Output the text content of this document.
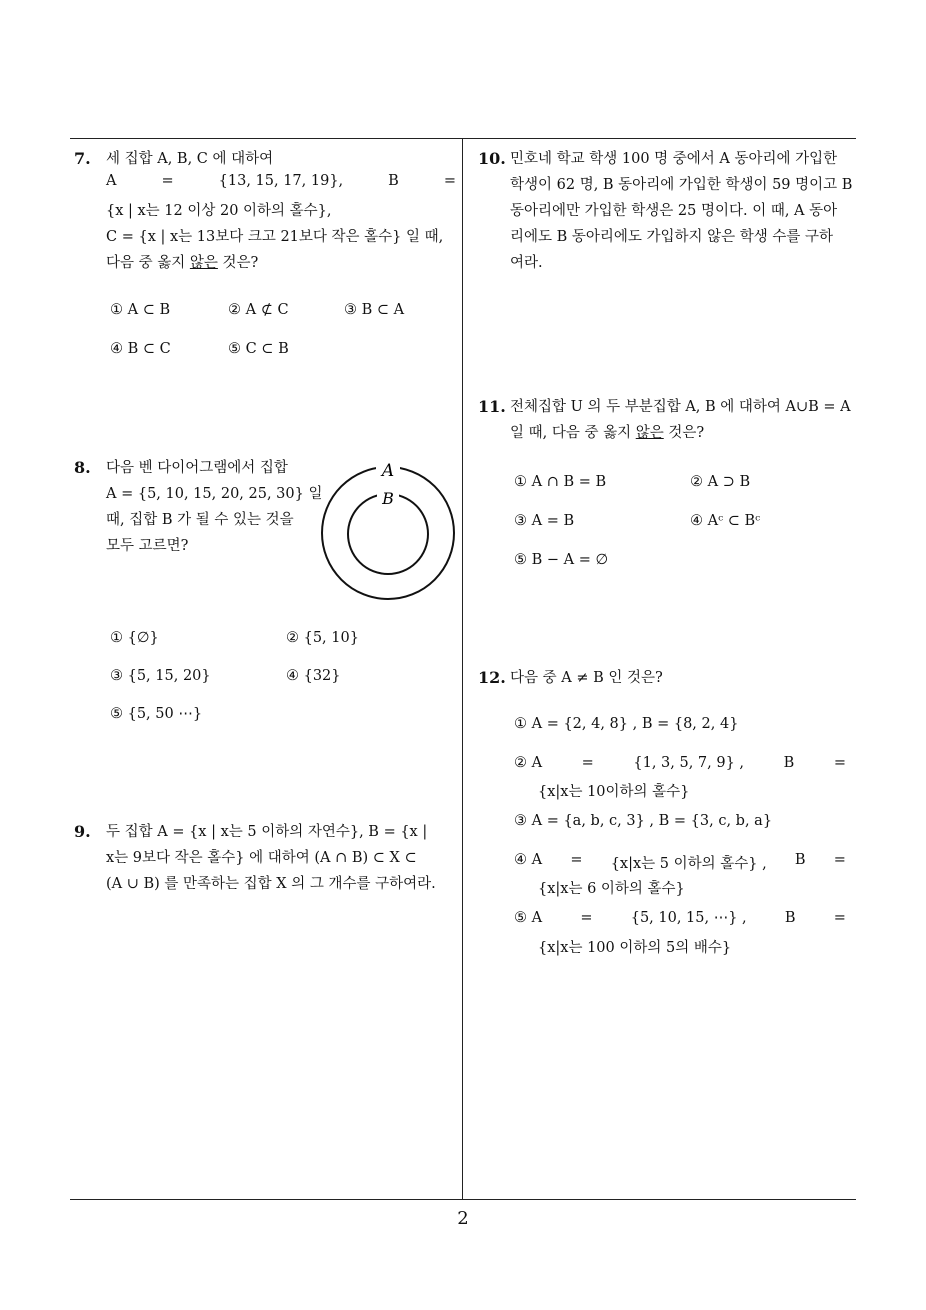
7. 세 집합 A, B, C 에 대하여
A	=	{13, 15, 17, 19},	B	=
{x | x는 12 이상 20 이하의 홀수},
C = {x | x는 13보다 크고 21보다 작은 홀수} 일 때,
다음 중 옳지 않은 것은?
① A ⊂ B	② A ⊄ C	③ B ⊂ A
④ B ⊂ C	⑤ C ⊂ B
8. 다음 벤 다이어그램에서 집합
A = {5, 10, 15, 20, 25, 30} 일
때, 집합 B 가 될 수 있는 것을
모두 고르면?
A
B
① {∅}	② {5, 10}
③ {5, 15, 20}	④ {32}
⑤ {5, 50 ⋯}
9. 두 집합 A = {x | x는 5 이하의 자연수}, B = {x |
x는 9보다 작은 홀수} 에 대하여 (A ∩ B) ⊂ X ⊂
(A ∪ B) 를 만족하는 집합 X 의 그 개수를 구하여라.
10. 민호네 학교 학생 100 명 중에서 A 동아리에 가입한
학생이 62 명, B 동아리에 가입한 학생이 59 명이고 B
동아리에만 가입한 학생은 25 명이다. 이 때, A 동아
리에도 B 동아리에도 가입하지 않은 학생 수를 구하
여라.
11. 전체집합 U 의 두 부분집합 A, B 에 대하여 A∪B = A
일 때, 다음 중 옳지 않은 것은?
① A ∩ B = B	② A ⊃ B
③ A = B	④ Aᶜ ⊂ Bᶜ
⑤ B − A = ∅
12. 다음 중 A ≠ B 인 것은?
① A = {2, 4, 8} , B = {8, 2, 4}
② A	=	{1, 3, 5, 7, 9} ,	B	=
{x|x는 10이하의 홀수}
③ A = {a, b, c, 3} , B = {3, c, b, a}
④ A = {x|x는 5 이하의 홀수} , B =
{x|x는 6 이하의 홀수}
⑤ A	=	{5, 10, 15, ⋯} ,	B	=
{x|x는 100 이하의 5의 배수}
2
